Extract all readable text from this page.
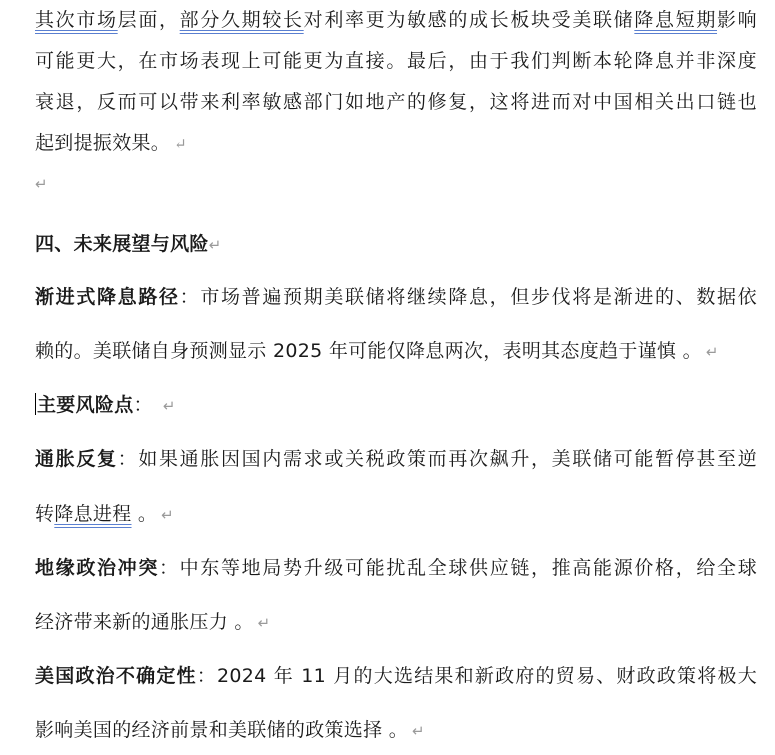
其次市场层面，部分久期较长对利率更为敏感的成长板块受美联储降息短期影响
可能更大，在市场表现上可能更为直接。最后，由于我们判断本轮降息并非深度
衰退，反而可以带来利率敏感部门如地产的修复，这将进而对中国相关出口链也
起到提振效果。 ↵
↵
四、未来展望与风险↵
渐进式降息路径：市场普遍预期美联储将继续降息，但步伐将是渐进的、数据依
赖的。美联储自身预测显示 2025 年可能仅降息两次，表明其态度趋于谨慎 。 ↵
主要风险点： ↵
通胀反复：如果通胀因国内需求或关税政策而再次飙升，美联储可能暂停甚至逆
转降息进程 。 ↵
地缘政治冲突：中东等地局势升级可能扰乱全球供应链，推高能源价格，给全球
经济带来新的通胀压力 。 ↵
美国政治不确定性：2024 年 11 月的大选结果和新政府的贸易、财政政策将极大
影响美国的经济前景和美联储的政策选择 。 ↵
